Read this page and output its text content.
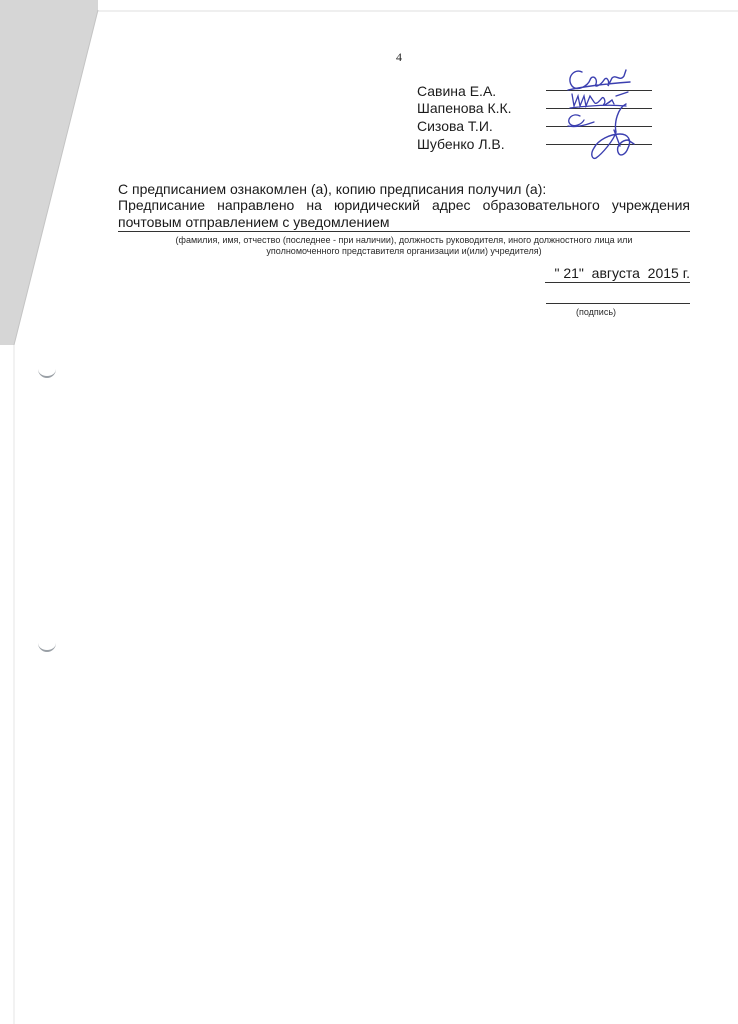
4
Савина Е.А.
Шапенова К.К.
Сизова Т.И.
Шубенко Л.В.
С предписанием ознакомлен (а), копию предписания получил (а):
Предписание направлено на юридический адрес образовательного учреждения
почтовым отправлением с уведомлением
(фамилия, имя, отчество (последнее - при наличии), должность руководителя, иного должностного лица или
уполномоченного представителя организации и(или) учредителя)
" 21"  августа  2015 г.
(подпись)
